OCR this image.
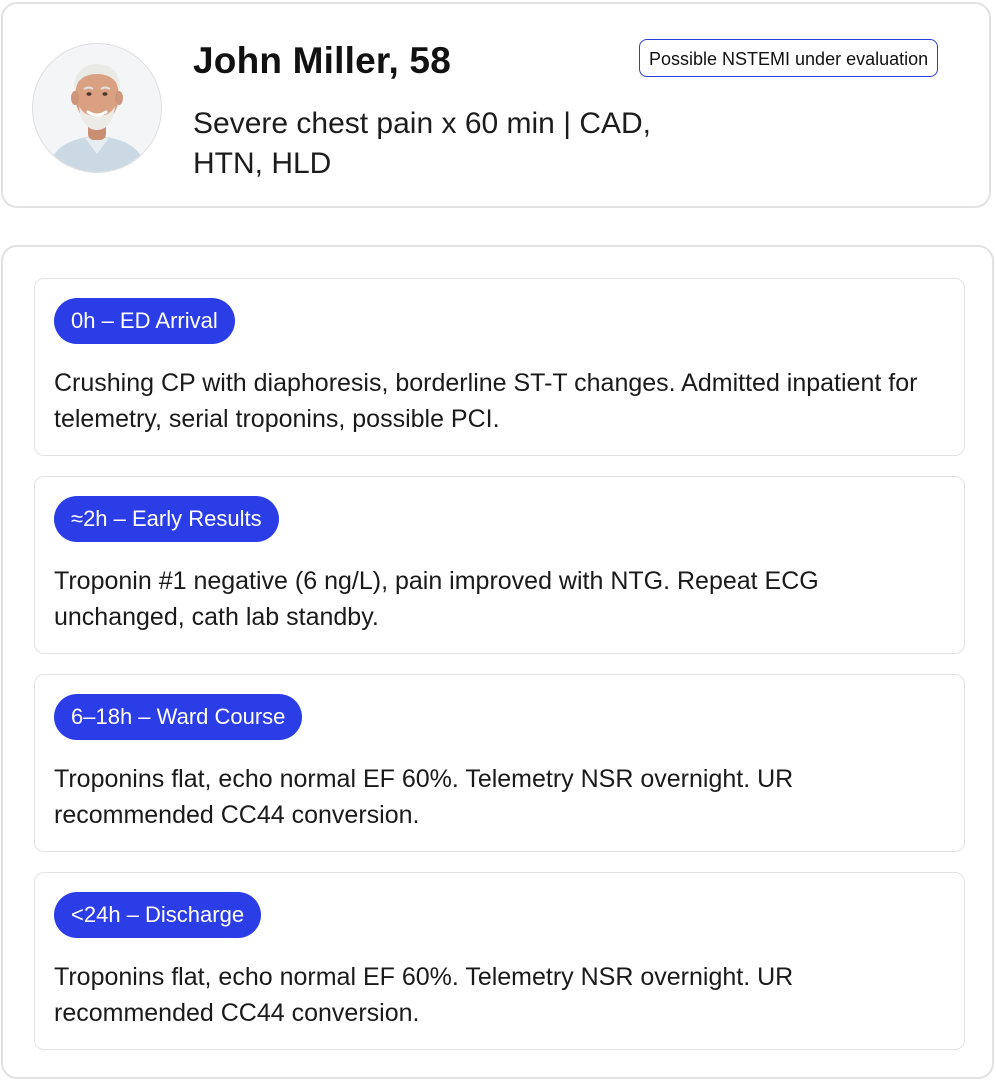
John Miller, 58
Severe chest pain x 60 min | CAD, HTN, HLD
Possible NSTEMI under evaluation
0h – ED Arrival
Crushing CP with diaphoresis, borderline ST-T changes. Admitted inpatient for telemetry, serial troponins, possible PCI.
≈2h – Early Results
Troponin #1 negative (6 ng/L), pain improved with NTG. Repeat ECG unchanged, cath lab standby.
6–18h – Ward Course
Troponins flat, echo normal EF 60%. Telemetry NSR overnight. UR recommended CC44 conversion.
<24h – Discharge
Troponins flat, echo normal EF 60%. Telemetry NSR overnight. UR recommended CC44 conversion.
